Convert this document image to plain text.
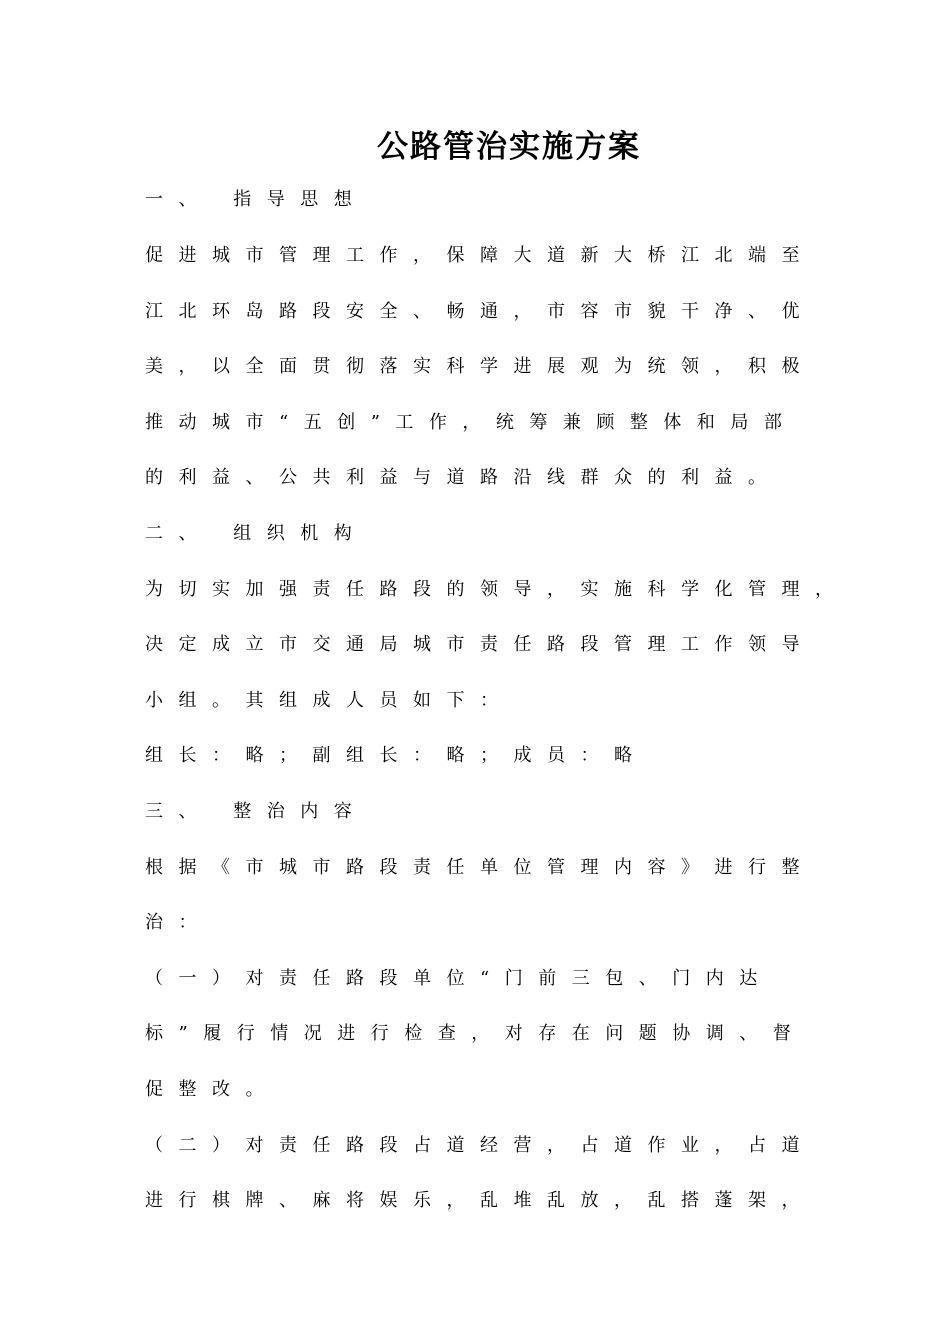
公路管治实施方案

一、 指导思想

促进城市管理工作，保障大道新大桥江北端至

江北环岛路段安全、畅通，市容市貌干净、优

美，以全面贯彻落实科学进展观为统领，积极

推动城市“五创”工作，统筹兼顾整体和局部

的利益、公共利益与道路沿线群众的利益。

二、 组织机构

为切实加强责任路段的领导，实施科学化管理，

决定成立市交通局城市责任路段管理工作领导

小组。其组成人员如下：

组长：略；副组长：略；成员：略

三、 整治内容

根据《市城市路段责任单位管理内容》进行整

治：

（一）对责任路段单位“门前三包、门内达

标”履行情况进行检查，对存在问题协调、督

促整改。

（二）对责任路段占道经营，占道作业，占道

进行棋牌、麻将娱乐，乱堆乱放，乱搭蓬架，
